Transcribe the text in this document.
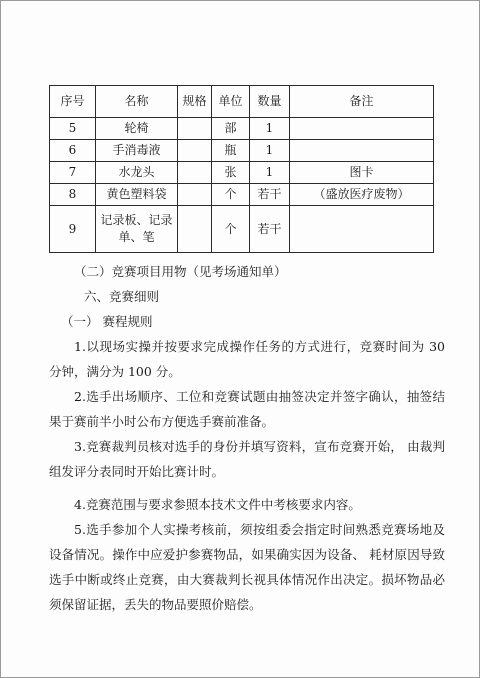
序号	名称	规格	单位	数量	备注
5	轮椅		部	1	
6	手消毒液		瓶	1	
7	水龙头		张	1	图卡
8	黄色塑料袋		个	若干	（盛放医疗废物）
9	记录板、记录单、笔		个	若干	
（二）竞赛项目用物（见考场通知单）
六、竞赛细则
（一） 赛程规则

1.以现场实操并按要求完成操作任务的方式进行，竞赛时间为 30 分钟，满分为 100 分。

2.选手出场顺序、工位和竞赛试题由抽签决定并签字确认，抽签结果于赛前半小时公布方便选手赛前准备。

3.竞赛裁判员核对选手的身份并填写资料，宣布竞赛开始， 由裁判组发评分表同时开始比赛计时。

4.竞赛范围与要求参照本技术文件中考核要求内容。

5.选手参加个人实操考核前，须按组委会指定时间熟悉竞赛场地及设备情况。操作中应爱护参赛物品，如果确实因为设备、 耗材原因导致选手中断或终止竞赛，由大赛裁判长视具体情况作出决定。损坏物品必须保留证据，丢失的物品要照价赔偿。
